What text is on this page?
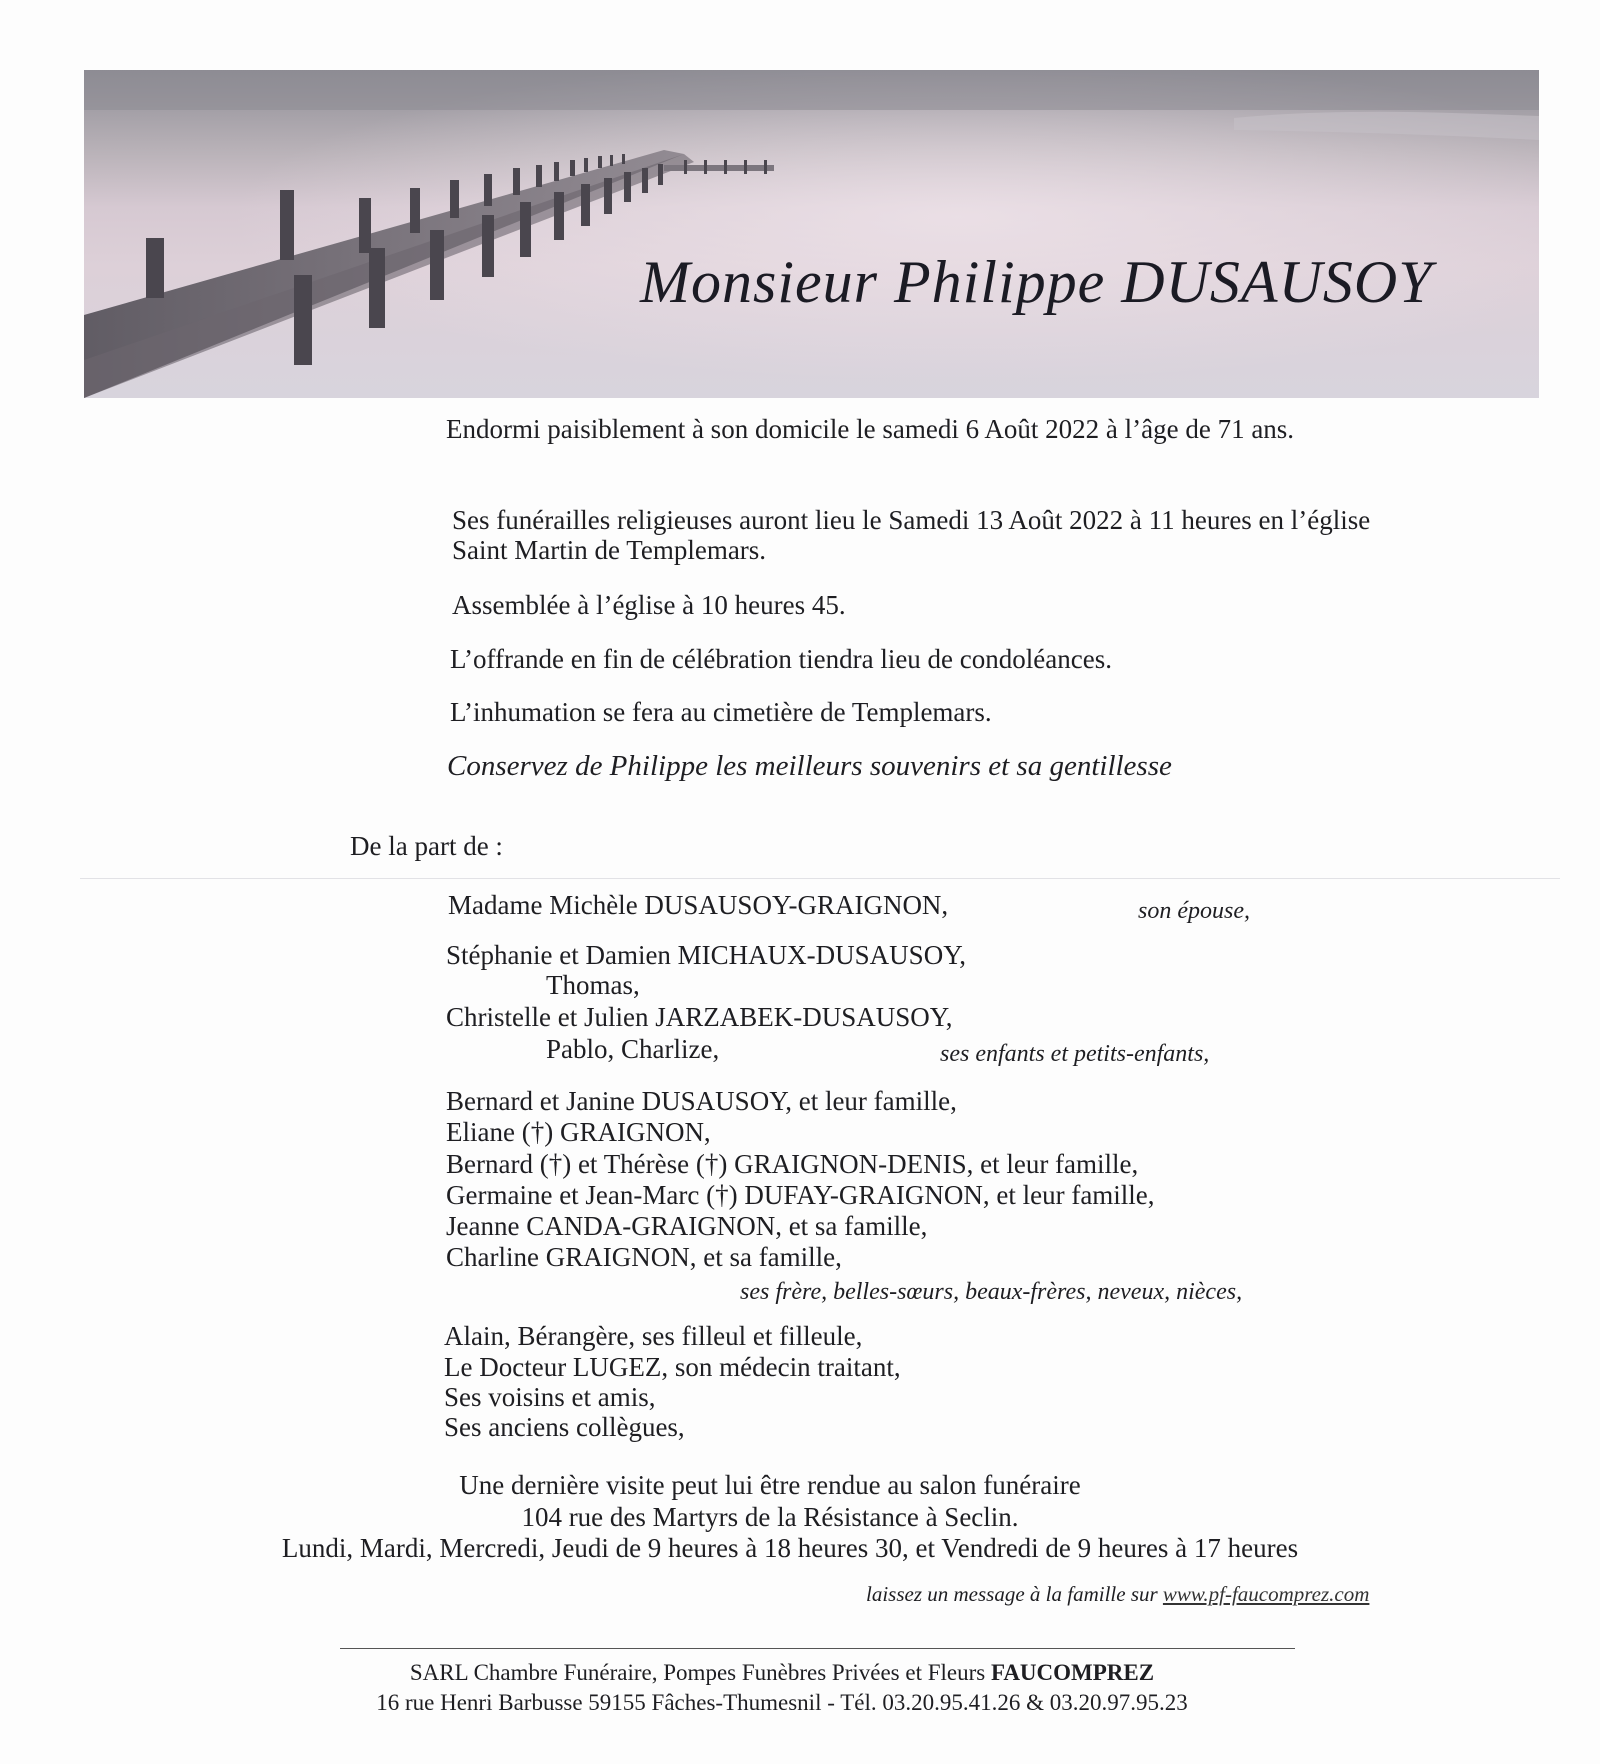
Monsieur Philippe DUSAUSOY
Endormi paisiblement à son domicile le samedi 6 Août 2022 à l’âge de 71 ans.
Ses funérailles religieuses auront lieu le Samedi 13 Août 2022 à 11 heures en l’église
Saint Martin de Templemars.
Assemblée à l’église à 10 heures 45.
L’offrande en fin de célébration tiendra lieu de condoléances.
L’inhumation se fera au cimetière de Templemars.
Conservez de Philippe les meilleurs souvenirs et sa gentillesse
De la part de :
Madame Michèle DUSAUSOY-GRAIGNON,	son épouse,
Stéphanie et Damien MICHAUX-DUSAUSOY,
Thomas,
Christelle et Julien JARZABEK-DUSAUSOY,
Pablo, Charlize,	ses enfants et petits-enfants,
Bernard et Janine DUSAUSOY, et leur famille,
Eliane (†) GRAIGNON,
Bernard (†) et Thérèse (†) GRAIGNON-DENIS, et leur famille,
Germaine et Jean-Marc (†) DUFAY-GRAIGNON, et leur famille,
Jeanne CANDA-GRAIGNON, et sa famille,
Charline GRAIGNON, et sa famille,
ses frère, belles-sœurs, beaux-frères, neveux, nièces,
Alain, Bérangère, ses filleul et filleule,
Le Docteur LUGEZ, son médecin traitant,
Ses voisins et amis,
Ses anciens collègues,
Une dernière visite peut lui être rendue au salon funéraire
104 rue des Martyrs de la Résistance à Seclin.
Lundi, Mardi, Mercredi, Jeudi de 9 heures à 18 heures 30, et Vendredi de 9 heures à 17 heures
laissez un message à la famille sur www.pf-faucomprez.com
SARL Chambre Funéraire, Pompes Funèbres Privées et Fleurs FAUCOMPREZ
16 rue Henri Barbusse 59155 Fâches-Thumesnil - Tél. 03.20.95.41.26 & 03.20.97.95.23
